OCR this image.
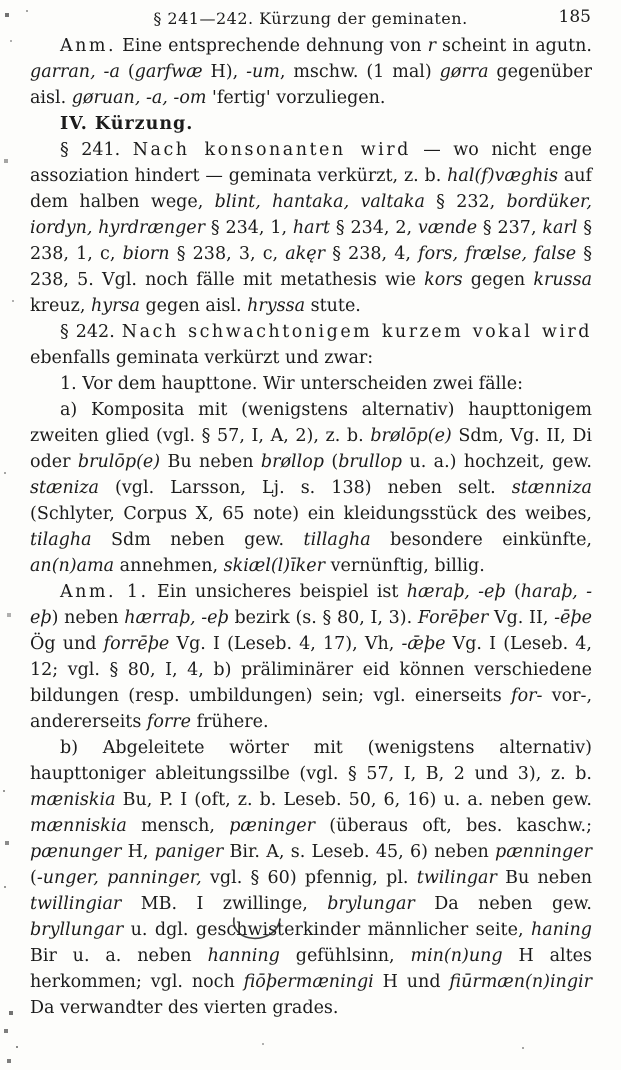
§ 241—242. Kürzung der geminaten.	185

Anm. Eine entsprechende dehnung von r scheint in agutn. garran, -a (garfwæ H), -um, mschw. (1 mal) gørra gegenüber aisl. gøruan, -a, -om 'fertig' vorzuliegen.

IV. Kürzung.

§ 241. Nach konsonanten wird — wo nicht enge assoziation hindert — geminata verkürzt, z. b. hal(f)væghis auf dem halben wege, blint, hantaka, valtaka § 232, bordüker, iordyn, hyrdrænger § 234, 1, hart § 234, 2, vænde § 237, karl § 238, 1, c, biorn § 238, 3, c, akęr § 238, 4, fors, frælse, false § 238, 5. Vgl. noch fälle mit metathesis wie kors gegen krussa kreuz, hyrsa gegen aisl. hryssa stute.

§ 242. Nach schwachtonigem kurzem vokal wird ebenfalls geminata verkürzt und zwar:

1. Vor dem haupttone. Wir unterscheiden zwei fälle:

a) Komposita mit (wenigstens alternativ) haupttonigem zweiten glied (vgl. § 57, I, A, 2), z. b. brølōp(e) Sdm, Vg. II, Di oder brulōp(e) Bu neben brøllop (brullop u. a.) hochzeit, gew. stæniza (vgl. Larsson, Lj. s. 138) neben selt. stænniza (Schlyter, Corpus X, 65 note) ein kleidungsstück des weibes, tilagha Sdm neben gew. tillagha besondere einkünfte, an(n)ama annehmen, skiæl(l)īker vernünftig, billig.

Anm. 1. Ein unsicheres beispiel ist hæraþ, -eþ (haraþ, -eþ) neben hærraþ, -eþ bezirk (s. § 80, I, 3). Forēþer Vg. II, -ēþe Ög und forrēþe Vg. I (Leseb. 4, 17), Vh, -ǣþe Vg. I (Leseb. 4, 12; vgl. § 80, I, 4, b) präliminärer eid können verschiedene bildungen (resp. umbildungen) sein; vgl. einerseits for- vor-, andererseits forre frühere.

b) Abgeleitete wörter mit (wenigstens alternativ) haupttoniger ableitungssilbe (vgl. § 57, I, B, 2 und 3), z. b. mæniskia Bu, P. I (oft, z. b. Leseb. 50, 6, 16) u. a. neben gew. mænniskia mensch, pæninger (überaus oft, bes. kaschw.; pænunger H, paniger Bir. A, s. Leseb. 45, 6) neben pænninger (-unger, panninger, vgl. § 60) pfennig, pl. twilingar Bu neben twillingiar MB. I zwillinge, brylungar Da neben gew. bryllungar u. dgl. geschwisterkinder männlicher seite, haning Bir u. a. neben hanning gefühlsinn, min(n)ung H altes herkommen; vgl. noch fiōþermæningi H und fiūrmæn(n)ingir Da verwandter des vierten grades.
